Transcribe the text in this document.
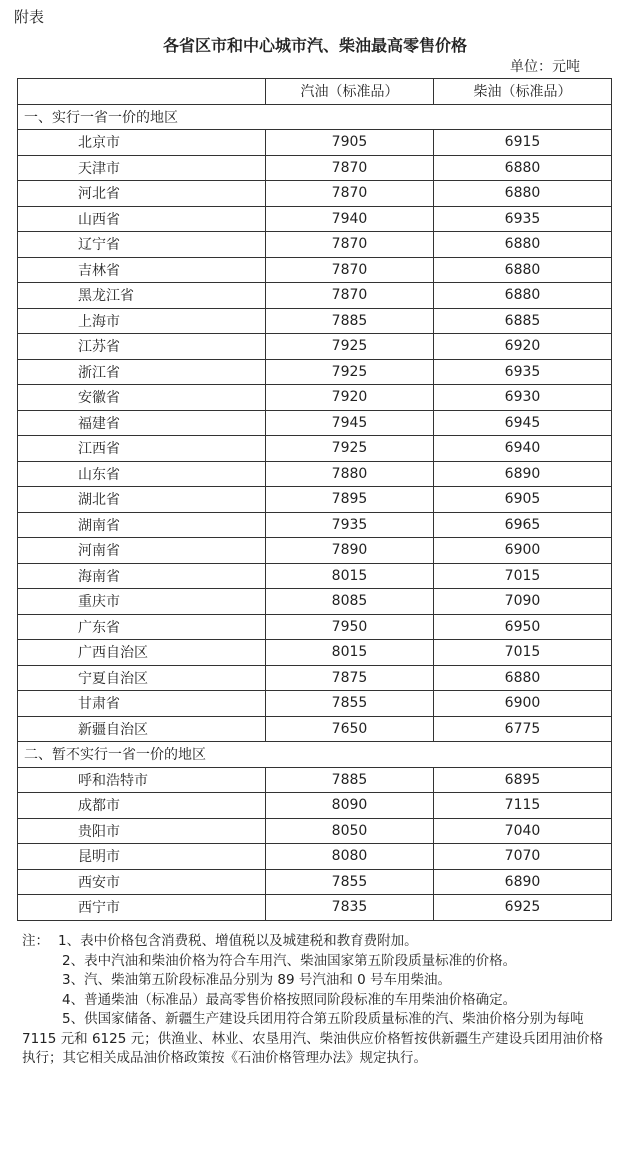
附表
各省区市和中心城市汽、柴油最高零售价格
单位：元吨
	汽油（标准品）	柴油（标准品）
一、实行一省一价的地区		
北京市	7905	6915
天津市	7870	6880
河北省	7870	6880
山西省	7940	6935
辽宁省	7870	6880
吉林省	7870	6880
黑龙江省	7870	6880
上海市	7885	6885
江苏省	7925	6920
浙江省	7925	6935
安徽省	7920	6930
福建省	7945	6945
江西省	7925	6940
山东省	7880	6890
湖北省	7895	6905
湖南省	7935	6965
河南省	7890	6900
海南省	8015	7015
重庆市	8085	7090
广东省	7950	6950
广西自治区	8015	7015
宁夏自治区	7875	6880
甘肃省	7855	6900
新疆自治区	7650	6775
二、暂不实行一省一价的地区		
呼和浩特市	7885	6895
成都市	8090	7115
贵阳市	8050	7040
昆明市	8080	7070
西安市	7855	6890
西宁市	7835	6925

注： 1、表中价格包含消费税、增值税以及城建税和教育费附加。

2、表中汽油和柴油价格为符合车用汽、柴油国家第五阶段质量标准的价格。

3、汽、柴油第五阶段标准品分别为 89 号汽油和 0 号车用柴油。

4、普通柴油（标准品）最高零售价格按照同阶段标准的车用柴油价格确定。

5、供国家储备、新疆生产建设兵团用符合第五阶段质量标准的汽、柴油价格分别为每吨 7115 元和 6125 元；供渔业、林业、农垦用汽、柴油供应价格暂按供新疆生产建设兵团用油价格执行；其它相关成品油价格政策按《石油价格管理办法》规定执行。
